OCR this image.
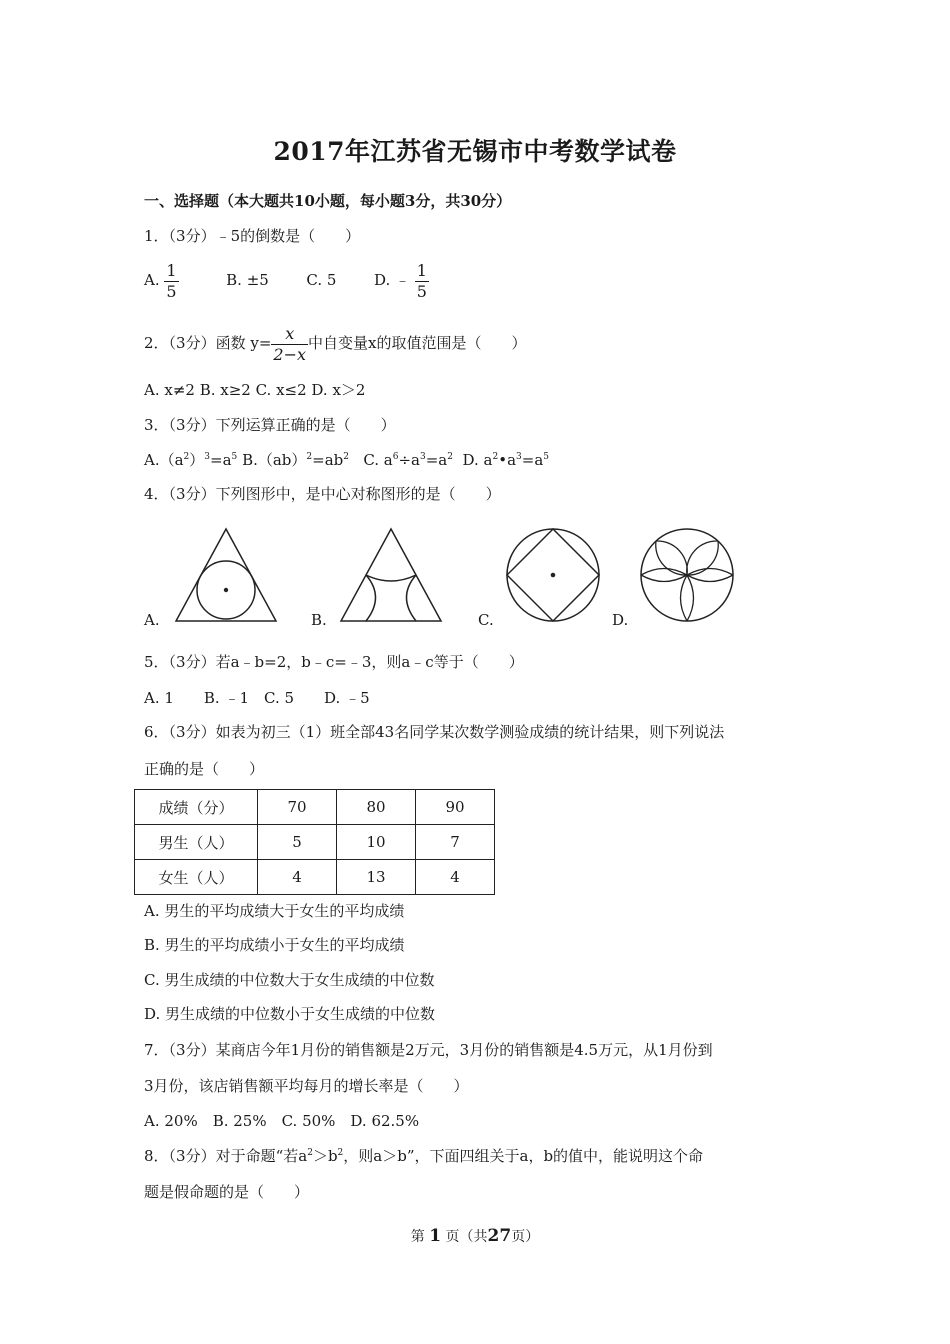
2017年江苏省无锡市中考数学试卷
一、选择题（本大题共10小题，每小题3分，共30分）
1．（3分）﹣5的倒数是（　　）
A. $\frac{1}{5}$	B. ±5	C. 5	D. ﹣ $\frac{1}{5}$
2．（3分）函数 $y= \frac{x}{2-x}$ 中自变量x的取值范围是（　　）
A. x≠2 B. x≥2 C. x≤2 D. x＞2
3．（3分）下列运算正确的是（　　）
$A.(a^2)^3=a^5$ $B.(ab)^2=ab^2$ C. $a^6\div a^3=a^2$ D. $a^2•a^3=a^5$
4．（3分）下列图形中，是中心对称图形的是（　　）
A.	B.	C.	D.
5．（3分）若a﹣b=2，b﹣c=﹣3，则a﹣c等于（　　）
A. 1　　B. ﹣1　C. 5　　D. ﹣5
6．（3分）如表为初三（1）班全部43名同学某次数学测验成绩的统计结果，则下列说法
正确的是（　　）
成绩（分）	70	80	90
男生（人）	5	10	7
女生（人）	4	13	4
A. 男生的平均成绩大于女生的平均成绩
B. 男生的平均成绩小于女生的平均成绩
C. 男生成绩的中位数大于女生成绩的中位数
D. 男生成绩的中位数小于女生成绩的中位数
7．（3分）某商店今年1月份的销售额是2万元，3月份的销售额是4.5万元，从1月份到
3月份，该店销售额平均每月的增长率是（　　）
A. 20%　B. 25%　C. 50%　D. 62.5%
8．（3分）对于命题“若$a^2>b^2$，则a＞b”，下面四组关于a，b的值中，能说明这个命
题是假命题的是（　　）
第 1 页（共27页）
